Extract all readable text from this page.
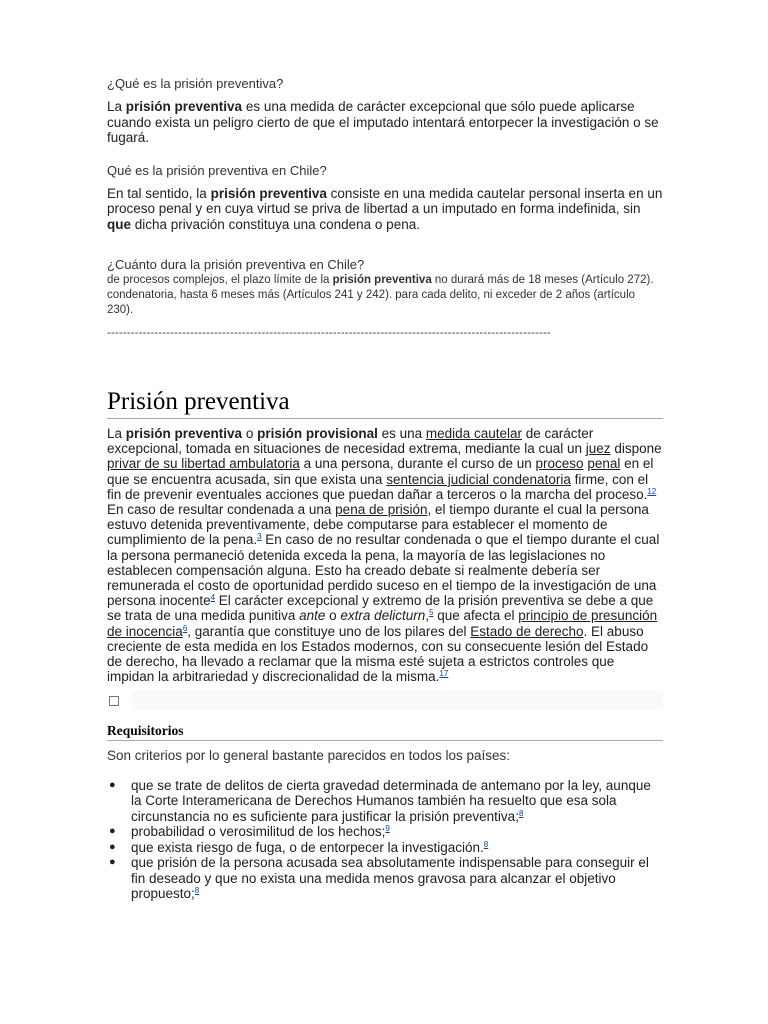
¿Qué es la prisión preventiva?

La prisión preventiva es una medida de carácter excepcional que sólo puede aplicarse cuando exista un peligro cierto de que el imputado intentará entorpecer la investigación o se fugará.

Qué es la prisión preventiva en Chile?

En tal sentido, la prisión preventiva consiste en una medida cautelar personal inserta en un proceso penal y en cuya virtud se priva de libertad a un imputado en forma indefinida, sin que dicha privación constituya una condena o pena.

¿Cuánto dura la prisión preventiva en Chile?

de procesos complejos, el plazo límite de la prisión preventiva no durará más de 18 meses (Artículo 272). condenatoria, hasta 6 meses más (Artículos 241 y 242). para cada delito, ni exceder de 2 años (artículo 230).

----------------------------------------------------------------------------------------------------------------

Prisión preventiva

La prisión preventiva o prisión provisional es una medida cautelar de carácter excepcional, tomada en situaciones de necesidad extrema, mediante la cual un juez dispone privar de su libertad ambulatoria a una persona, durante el curso de un proceso penal en el que se encuentra acusada, sin que exista una sentencia judicial condenatoria firme, con el fin de prevenir eventuales acciones que puedan dañar a terceros o la marcha del proceso.$^{12}$ En caso de resultar condenada a una pena de prisión, el tiempo durante el cual la persona estuvo detenida preventivamente, debe computarse para establecer el momento de cumplimiento de la pena.$^3$ En caso de no resultar condenada o que el tiempo durante el cual la persona permaneció detenida exceda la pena, la mayoría de las legislaciones no establecen compensación alguna. Esto ha creado debate si realmente debería ser remunerada el costo de oportunidad perdido suceso en el tiempo de la investigación de una persona inocente$^4$ El carácter excepcional y extremo de la prisión preventiva se debe a que se trata de una medida punitiva ante o extra delicturn,$^5$ que afecta el principio de presunción de inocencia$^6$, garantía que constituye uno de los pilares del Estado de derecho. El abuso creciente de esta medida en los Estados modernos, con su consecuente lesión del Estado de derecho, ha llevado a reclamar que la misma esté sujeta a estrictos controles que impidan la arbitrariedad y discrecionalidad de la misma.$^{17}$

Requisitorios

Son criterios por lo general bastante parecidos en todos los países:

● que se trate de delitos de cierta gravedad determinada de antemano por la ley, aunque la Corte Interamericana de Derechos Humanos también ha resuelto que esa sola circunstancia no es suficiente para justificar la prisión preventiva;$^8$
● probabilidad o verosimilitud de los hechos;$^9$
● que exista riesgo de fuga, o de entorpecer la investigación.$^8$
● que prisión de la persona acusada sea absolutamente indispensable para conseguir el fin deseado y que no exista una medida menos gravosa para alcanzar el objetivo propuesto;$^8$
